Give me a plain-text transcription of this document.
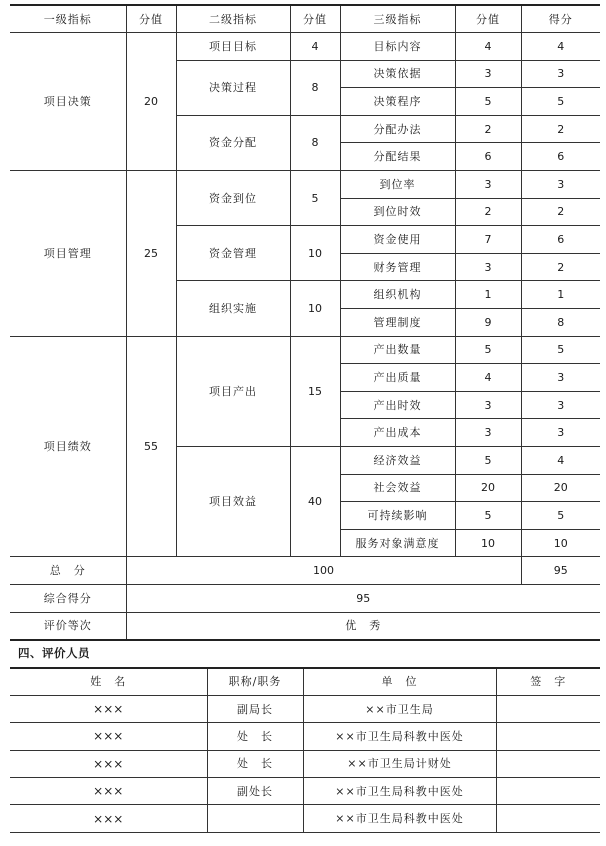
一级指标	分值	二级指标	分值	三级指标	分值	得分
项目决策	20	项目目标	4	目标内容	4	4
		决策过程	8	决策依据	3	3
				决策程序	5	5
		资金分配	8	分配办法	2	2
				分配结果	6	6
项目管理	25	资金到位	5	到位率	3	3
				到位时效	2	2
		资金管理	10	资金使用	7	6
				财务管理	3	2
		组织实施	10	组织机构	1	1
				管理制度	9	8
项目绩效	55	项目产出	15	产出数量	5	5
				产出质量	4	3
				产出时效	3	3
				产出成本	3	3
		项目效益	40	经济效益	5	4
				社会效益	20	20
				可持续影响	5	5
				服务对象满意度	10	10
总　分	100					95
综合得分	95					
评价等次	优　秀					
四、评价人员
姓　名	职称/职务	单　位	签　字
×××	副局长	××市卫生局	
×××	处　长	××市卫生局科教中医处	
×××	处　长	××市卫生局计财处	
×××	副处长	××市卫生局科教中医处	
×××		××市卫生局科教中医处	
